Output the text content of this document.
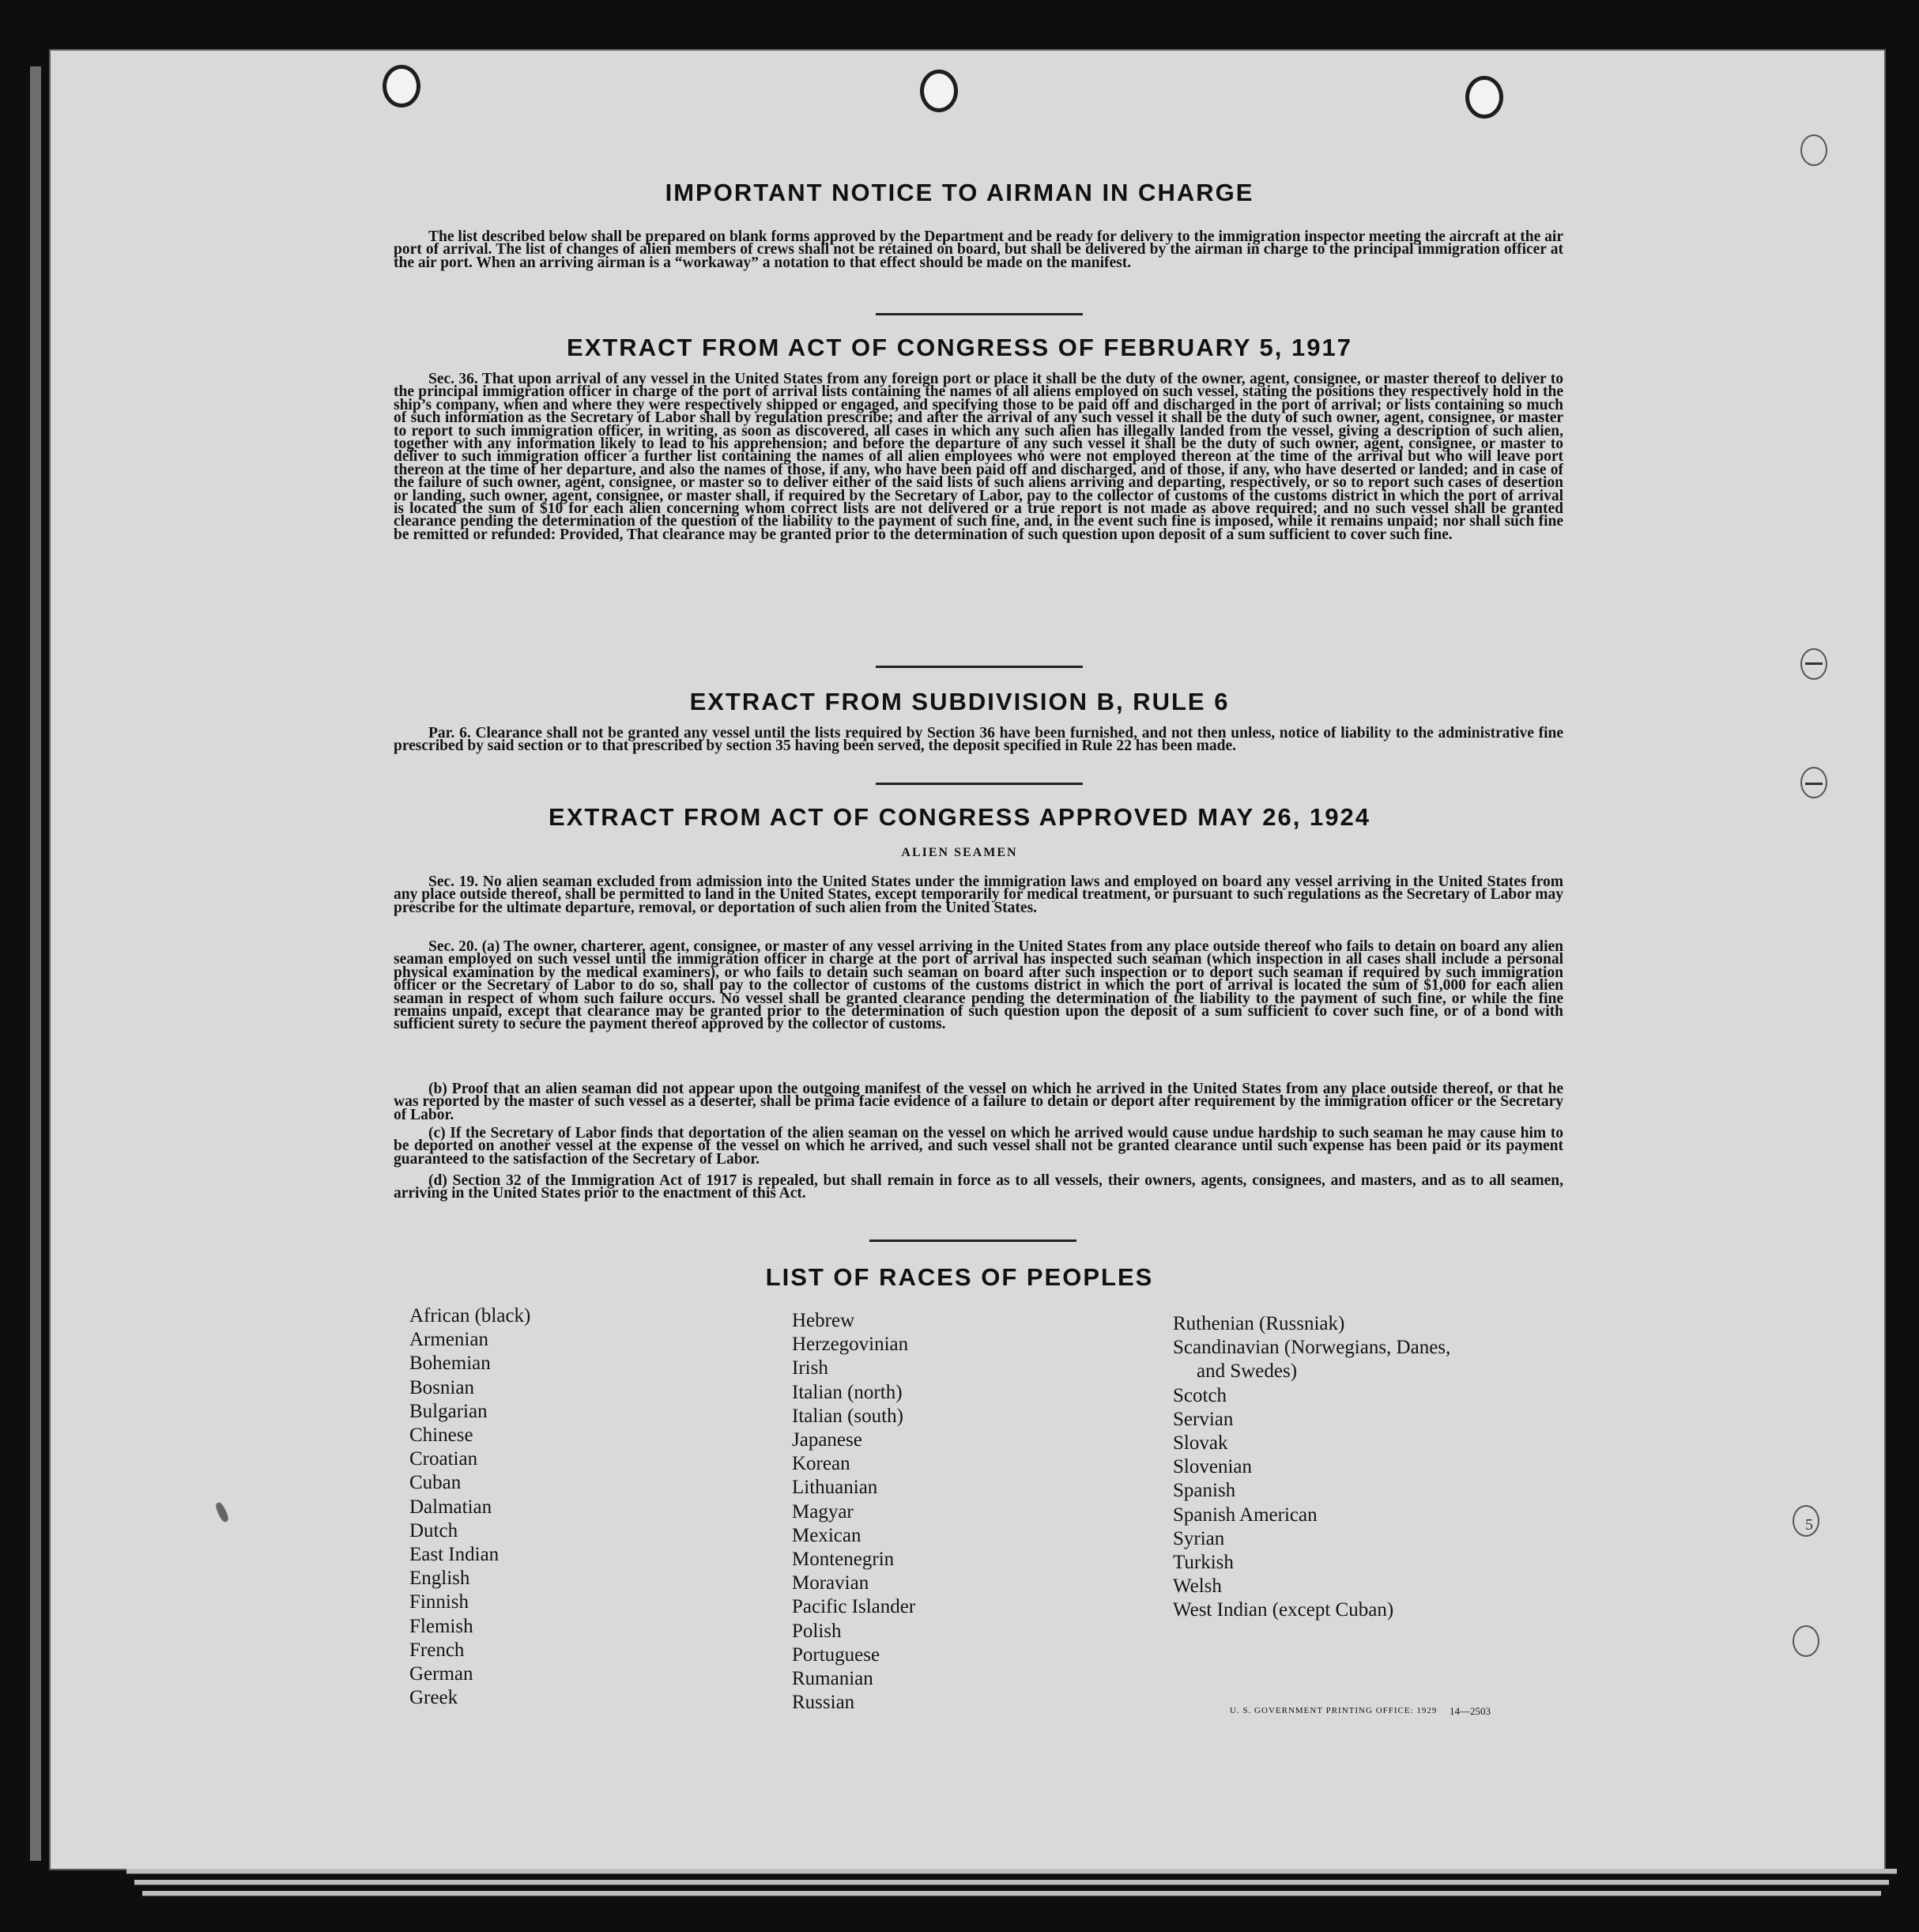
5
IMPORTANT NOTICE TO AIRMAN IN CHARGE

The list described below shall be prepared on blank forms approved by the Department and be ready for delivery to the immigration inspector meeting the aircraft at the air port of arrival. The list of changes of alien members of crews shall not be retained on board, but shall be delivered by the airman in charge to the principal immigration officer at the air port. When an arriving airman is a “workaway” a notation to that effect should be made on the manifest.

EXTRACT FROM ACT OF CONGRESS OF FEBRUARY 5, 1917

Sec. 36. That upon arrival of any vessel in the United States from any foreign port or place it shall be the duty of the owner, agent, consignee, or master thereof to deliver to the principal immigration officer in charge of the port of arrival lists containing the names of all aliens employed on such vessel, stating the positions they respectively hold in the ship’s company, when and where they were respectively shipped or engaged, and specifying those to be paid off and discharged in the port of arrival; or lists containing so much of such information as the Secretary of Labor shall by regulation prescribe; and after the arrival of any such vessel it shall be the duty of such owner, agent, consignee, or master to report to such immigration officer, in writing, as soon as discovered, all cases in which any such alien has illegally landed from the vessel, giving a description of such alien, together with any information likely to lead to his apprehension; and before the departure of any such vessel it shall be the duty of such owner, agent, consignee, or master to deliver to such immigration officer a further list containing the names of all alien employees who were not employed thereon at the time of the arrival but who will leave port thereon at the time of her departure, and also the names of those, if any, who have been paid off and discharged, and of those, if any, who have deserted or landed; and in case of the failure of such owner, agent, consignee, or master so to deliver either of the said lists of such aliens arriving and departing, respectively, or so to report such cases of desertion or landing, such owner, agent, consignee, or master shall, if required by the Secretary of Labor, pay to the collector of customs of the customs district in which the port of arrival is located the sum of $10 for each alien concerning whom correct lists are not delivered or a true report is not made as above required; and no such vessel shall be granted clearance pending the determination of the question of the liability to the payment of such fine, and, in the event such fine is imposed, while it remains unpaid; nor shall such fine be remitted or refunded: Provided, That clearance may be granted prior to the determination of such question upon deposit of a sum sufficient to cover such fine.

EXTRACT FROM SUBDIVISION B, RULE 6

Par. 6. Clearance shall not be granted any vessel until the lists required by Section 36 have been furnished, and not then unless, notice of liability to the administrative fine prescribed by said section or to that prescribed by section 35 having been served, the deposit specified in Rule 22 has been made.

EXTRACT FROM ACT OF CONGRESS APPROVED MAY 26, 1924

ALIEN SEAMEN

Sec. 19. No alien seaman excluded from admission into the United States under the immigration laws and employed on board any vessel arriving in the United States from any place outside thereof, shall be permitted to land in the United States, except temporarily for medical treatment, or pursuant to such regulations as the Secretary of Labor may prescribe for the ultimate departure, removal, or deportation of such alien from the United States.

Sec. 20. (a) The owner, charterer, agent, consignee, or master of any vessel arriving in the United States from any place outside thereof who fails to detain on board any alien seaman employed on such vessel until the immigration officer in charge at the port of arrival has inspected such seaman (which inspection in all cases shall include a personal physical examination by the medical examiners), or who fails to detain such seaman on board after such inspection or to deport such seaman if required by such immigration officer or the Secretary of Labor to do so, shall pay to the collector of customs of the customs district in which the port of arrival is located the sum of $1,000 for each alien seaman in respect of whom such failure occurs. No vessel shall be granted clearance pending the determination of the liability to the payment of such fine, or while the fine remains unpaid, except that clearance may be granted prior to the determination of such question upon the deposit of a sum sufficient to cover such fine, or of a bond with sufficient surety to secure the payment thereof approved by the collector of customs.

(b) Proof that an alien seaman did not appear upon the outgoing manifest of the vessel on which he arrived in the United States from any place outside thereof, or that he was reported by the master of such vessel as a deserter, shall be prima facie evidence of a failure to detain or deport after requirement by the immigration officer or the Secretary of Labor.

(c) If the Secretary of Labor finds that deportation of the alien seaman on the vessel on which he arrived would cause undue hardship to such seaman he may cause him to be deported on another vessel at the expense of the vessel on which he arrived, and such vessel shall not be granted clearance until such expense has been paid or its payment guaranteed to the satisfaction of the Secretary of Labor.

(d) Section 32 of the Immigration Act of 1917 is repealed, but shall remain in force as to all vessels, their owners, agents, consignees, and masters, and as to all seamen, arriving in the United States prior to the enactment of this Act.

LIST OF RACES OF PEOPLES
African (black)
Armenian
Bohemian
Bosnian
Bulgarian
Chinese
Croatian
Cuban
Dalmatian
Dutch
East Indian
English
Finnish
Flemish
French
German
Greek
Hebrew
Herzegovinian
Irish
Italian (north)
Italian (south)
Japanese
Korean
Lithuanian
Magyar
Mexican
Montenegrin
Moravian
Pacific Islander
Polish
Portuguese
Rumanian
Russian
Ruthenian (Russniak)
Scandinavian (Norwegians, Danes,
and Swedes)
Scotch
Servian
Slovak
Slovenian
Spanish
Spanish American
Syrian
Turkish
Welsh
West Indian (except Cuban)
U. S. GOVERNMENT PRINTING OFFICE: 1929 14—2503
